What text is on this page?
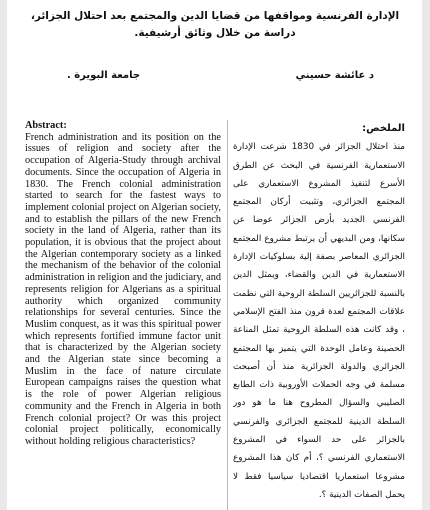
الإدارة الفرنسية ومواقفها من قضايا الدين والمجتمع بعد احتلال الجزائر، دراسة من خلال وثائق أرشيفية.
د عائشة حسيني
جامعة البويرة .
Abstract:

French administration and its position on the issues of religion and society after the occupation of Algeria-Study through archival documents. Since the occupation of Algeria in 1830. The French colonial administration started to search for the fastest ways to implement colonial project on Algerian society, and to establish the pillars of the new French society in the land of Algeria, rather than its population, it is obvious that the project about the Algerian contemporary society as a linked the mechanism of the behavior of the colonial administration in religion and the judiciary, and represents religion for Algerians as a spiritual authority which organized community relationships for several centuries. Since the Muslim conquest, as it was this spiritual power which represents fortified immune factor unit that is characterized by the Algerian society and the Algerian state since becoming a Muslim in the face of nature circulate European campaigns raises the question what is the role of power Algerian religious community and the French in Algeria in both French colonial project? Or was this project colonial project politically, economically without holding religious characteristics?

الملخص:

منذ احتلال الجزائر في 1830 شرعت الإدارة الاستعمارية الفرنسية في البحث عن الطرق الأسرع لتنفيذ المشروع الاستعماري على المجتمع الجزائري، وتثبيت أركان المجتمع الفرنسي الجديد بأرض الجزائر عوضا عن سكانها، ومن البديهي أن يرتبط مشروع المجتمع الجزائري المعاصر بصفة إلية بسلوكيات الإدارة الاستعمارية في الدين والقضاء، ويمثل الدين بالنسبة للجزائريين السلطة الروحية التي نظمت علاقات المجتمع لعدة قرون منذ الفتح الإسلامي ، وقد كانت هذه السلطة الروحية تمثل المناعة الحصينة وعامل الوحدة التي يتميز بها المجتمع الجزائري والدولة الجزائرية منذ أن أصبحت مسلمة في وجه الحملات الأوروبية ذات الطابع الصليبي والسؤال المطروح هنا ما هو دور السلطة الدينية للمجتمع الجزائري والفرنسي بالجزائر على حد السواء في المشروع الاستعماري الفرنسي ؟، أم كان هذا المشروع مشروعا استعماريا اقتصاديا سياسيا فقط لا يحمل الصفات الدينية ؟.
